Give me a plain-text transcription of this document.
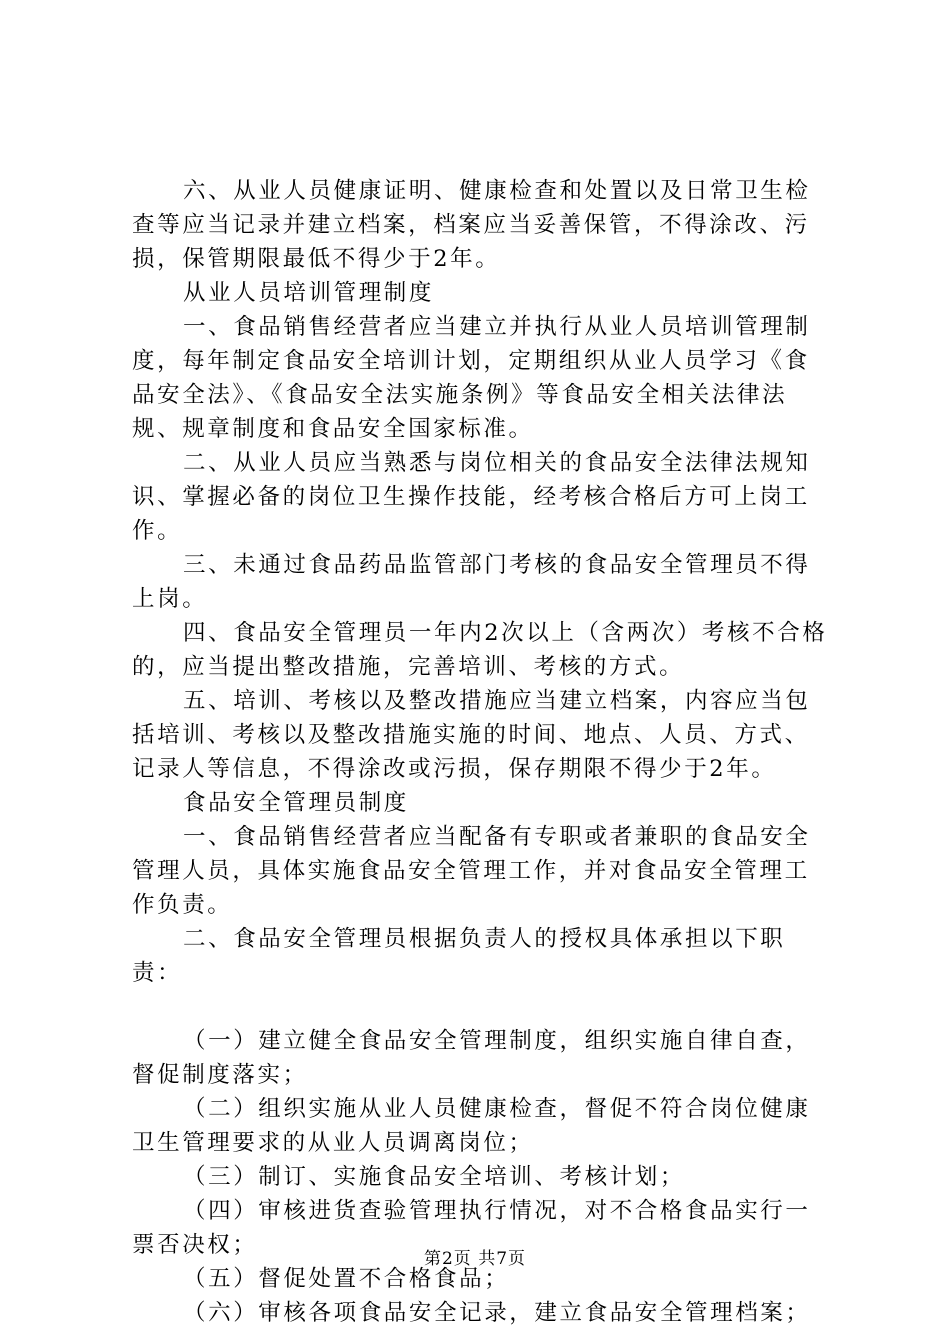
六、从业人员健康证明、健康检查和处置以及日常卫生检查等应当记录并建立档案，档案应当妥善保管，不得涂改、污损，保管期限最低不得少于2年。

从业人员培训管理制度

一、食品销售经营者应当建立并执行从业人员培训管理制度，每年制定食品安全培训计划，定期组织从业人员学习《食品安全法》、《食品安全法实施条例》等食品安全相关法律法规、规章制度和食品安全国家标准。

二、从业人员应当熟悉与岗位相关的食品安全法律法规知识、掌握必备的岗位卫生操作技能，经考核合格后方可上岗工作。

三、未通过食品药品监管部门考核的食品安全管理员不得上岗。

四、食品安全管理员一年内2次以上（含两次）考核不合格的，应当提出整改措施，完善培训、考核的方式。

五、培训、考核以及整改措施应当建立档案，内容应当包括培训、考核以及整改措施实施的时间、地点、人员、方式、记录人等信息，不得涂改或污损，保存期限不得少于2年。

食品安全管理员制度

一、食品销售经营者应当配备有专职或者兼职的食品安全管理人员，具体实施食品安全管理工作，并对食品安全管理工作负责。

二、食品安全管理员根据负责人的授权具体承担以下职责：

（一）建立健全食品安全管理制度，组织实施自律自查，督促制度落实；

（二）组织实施从业人员健康检查，督促不符合岗位健康卫生管理要求的从业人员调离岗位；

（三）制订、实施食品安全培训、考核计划；

（四）审核进货查验管理执行情况，对不合格食品实行一票否决权；

（五）督促处置不合格食品；

（六）审核各项食品安全记录，建立食品安全管理档案；

第2页 共7页
